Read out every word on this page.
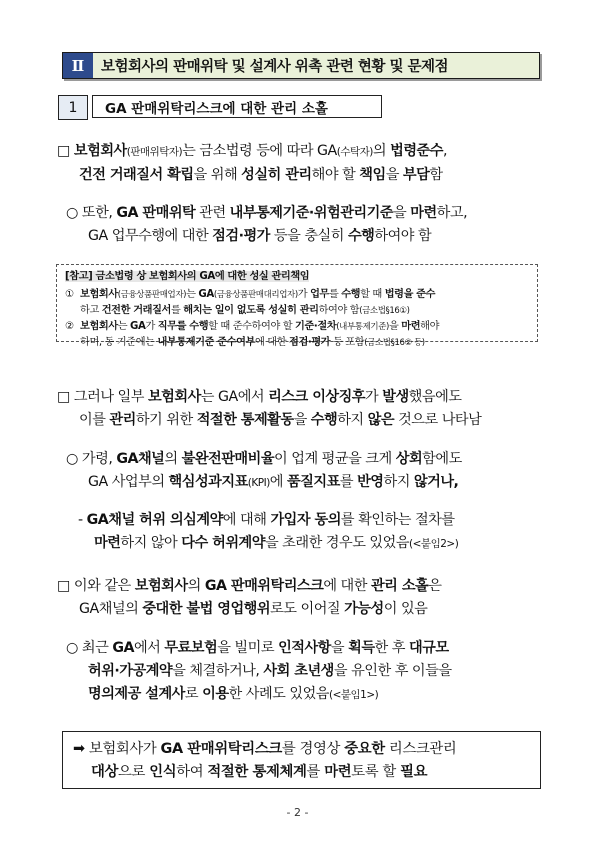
Ⅱ	보험회사의 판매위탁 및 설계사 위촉 관련 현황 및 문제점
1	GA 판매위탁리스크에 대한 관리 소홀
□ 보험회사(판매위탁자)는 금소법령 등에 따라 GA(수탁자)의 법령준수,
건전 거래질서 확립을 위해 성실히 관리해야 할 책임을 부담함
○ 또한, GA 판매위탁 관련 내부통제기준·위험관리기준을 마련하고,
GA 업무수행에 대한 점검·평가 등을 충실히 수행하여야 함
[참고] 금소법령 상 보험회사의 GA에 대한 성실 관리책임
① 보험회사(금융상품판매업자)는 GA(금융상품판매대리업자)가 업무를 수행할 때 법령을 준수
하고 건전한 거래질서를 해치는 일이 없도록 성실히 관리하여야 함(금소법§16①)
② 보험회사는 GA가 직무를 수행할 때 준수하여야 할 기준·절차(내부통제기준)을 마련해야
하며, 동 기준에는 내부통제기준 준수여부에 대한 점검·평가 등 포함(금소법§16② 등)
□ 그러나 일부 보험회사는 GA에서 리스크 이상징후가 발생했음에도
이를 관리하기 위한 적절한 통제활동을 수행하지 않은 것으로 나타남
○ 가령, GA채널의 불완전판매비율이 업계 평균을 크게 상회함에도
GA 사업부의 핵심성과지표(KPI)에 품질지표를 반영하지 않거나,
- GA채널 허위 의심계약에 대해 가입자 동의를 확인하는 절차를
마련하지 않아 다수 허위계약을 초래한 경우도 있었음(<붙임2>)
□ 이와 같은 보험회사의 GA 판매위탁리스크에 대한 관리 소홀은
GA채널의 중대한 불법 영업행위로도 이어질 가능성이 있음
○ 최근 GA에서 무료보험을 빌미로 인적사항을 획득한 후 대규모
허위·가공계약을 체결하거나, 사회 초년생을 유인한 후 이들을
명의제공 설계사로 이용한 사례도 있었음(<붙임1>)
➡ 보험회사가 GA 판매위탁리스크를 경영상 중요한 리스크관리
대상으로 인식하여 적절한 통제체계를 마련토록 할 필요
- 2 -
